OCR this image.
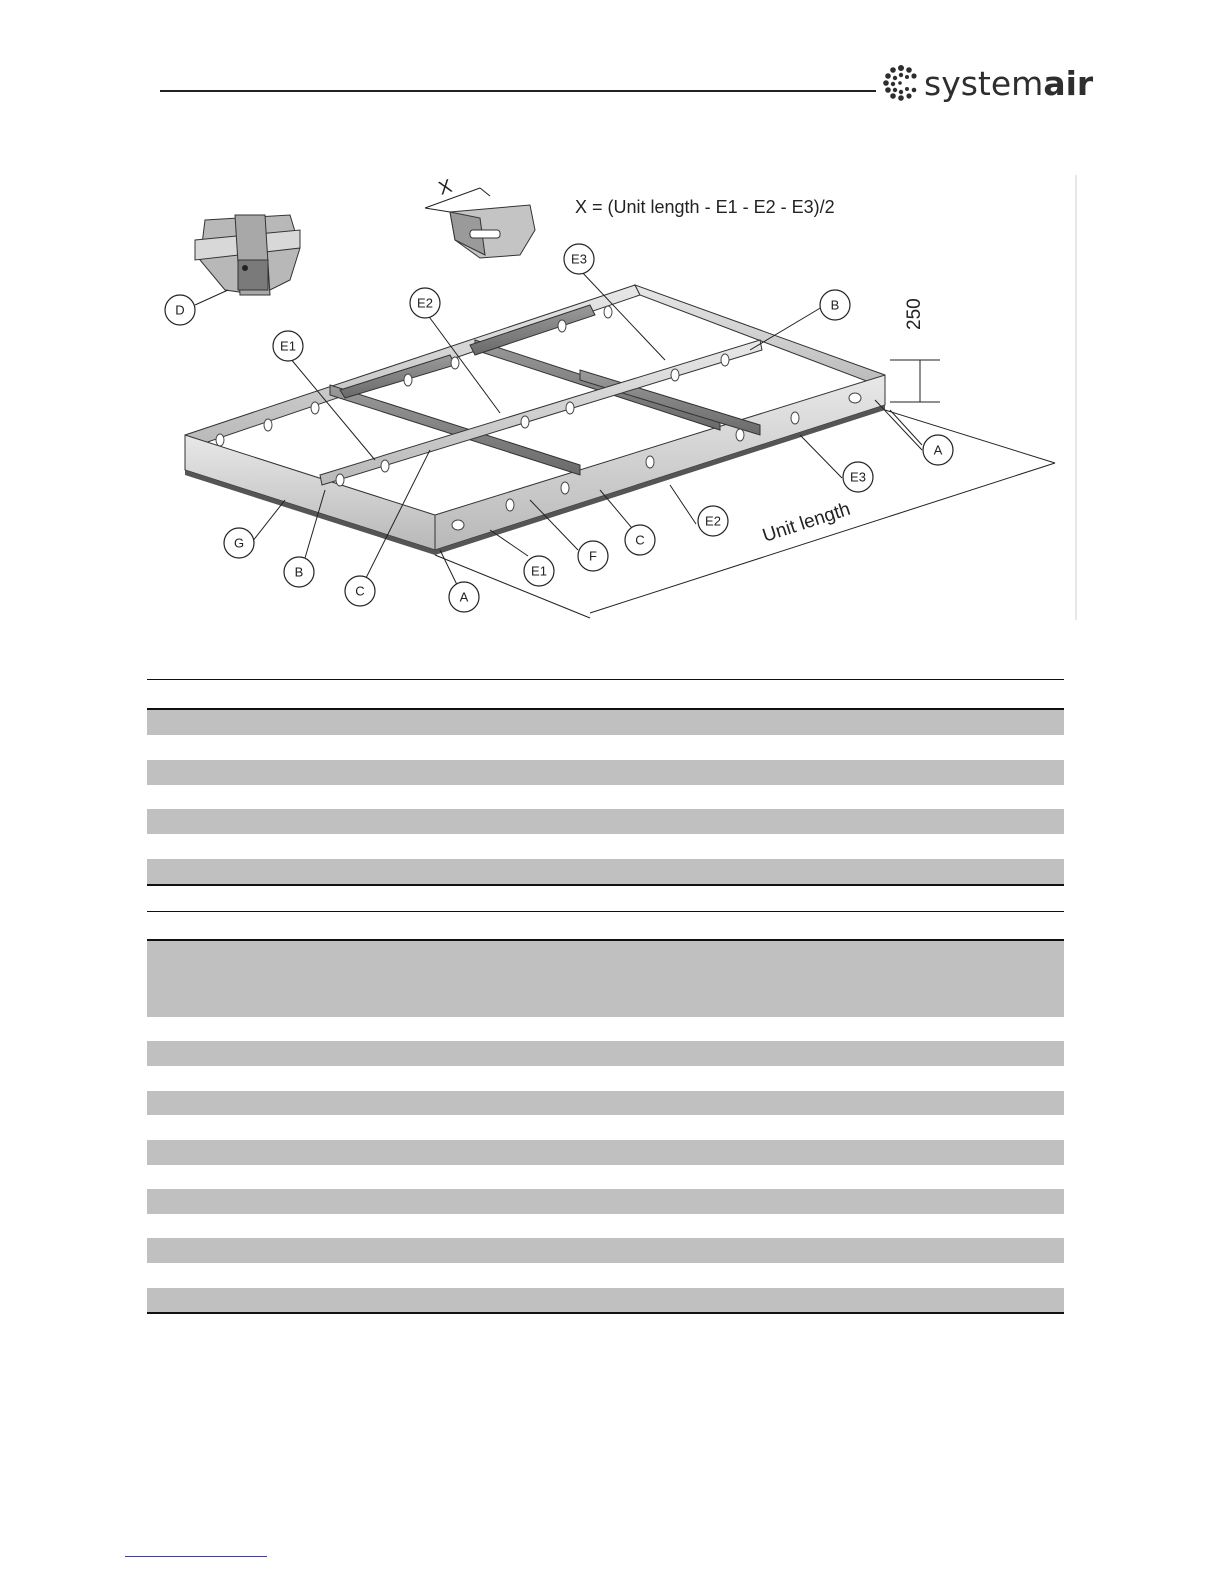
systemair
X = (Unit length - E1 - E2 - E3)/2
D
X
250
Unit length
E1
E2
E3
B
A
E3
E2
C
F
E1
A
C
B
G
